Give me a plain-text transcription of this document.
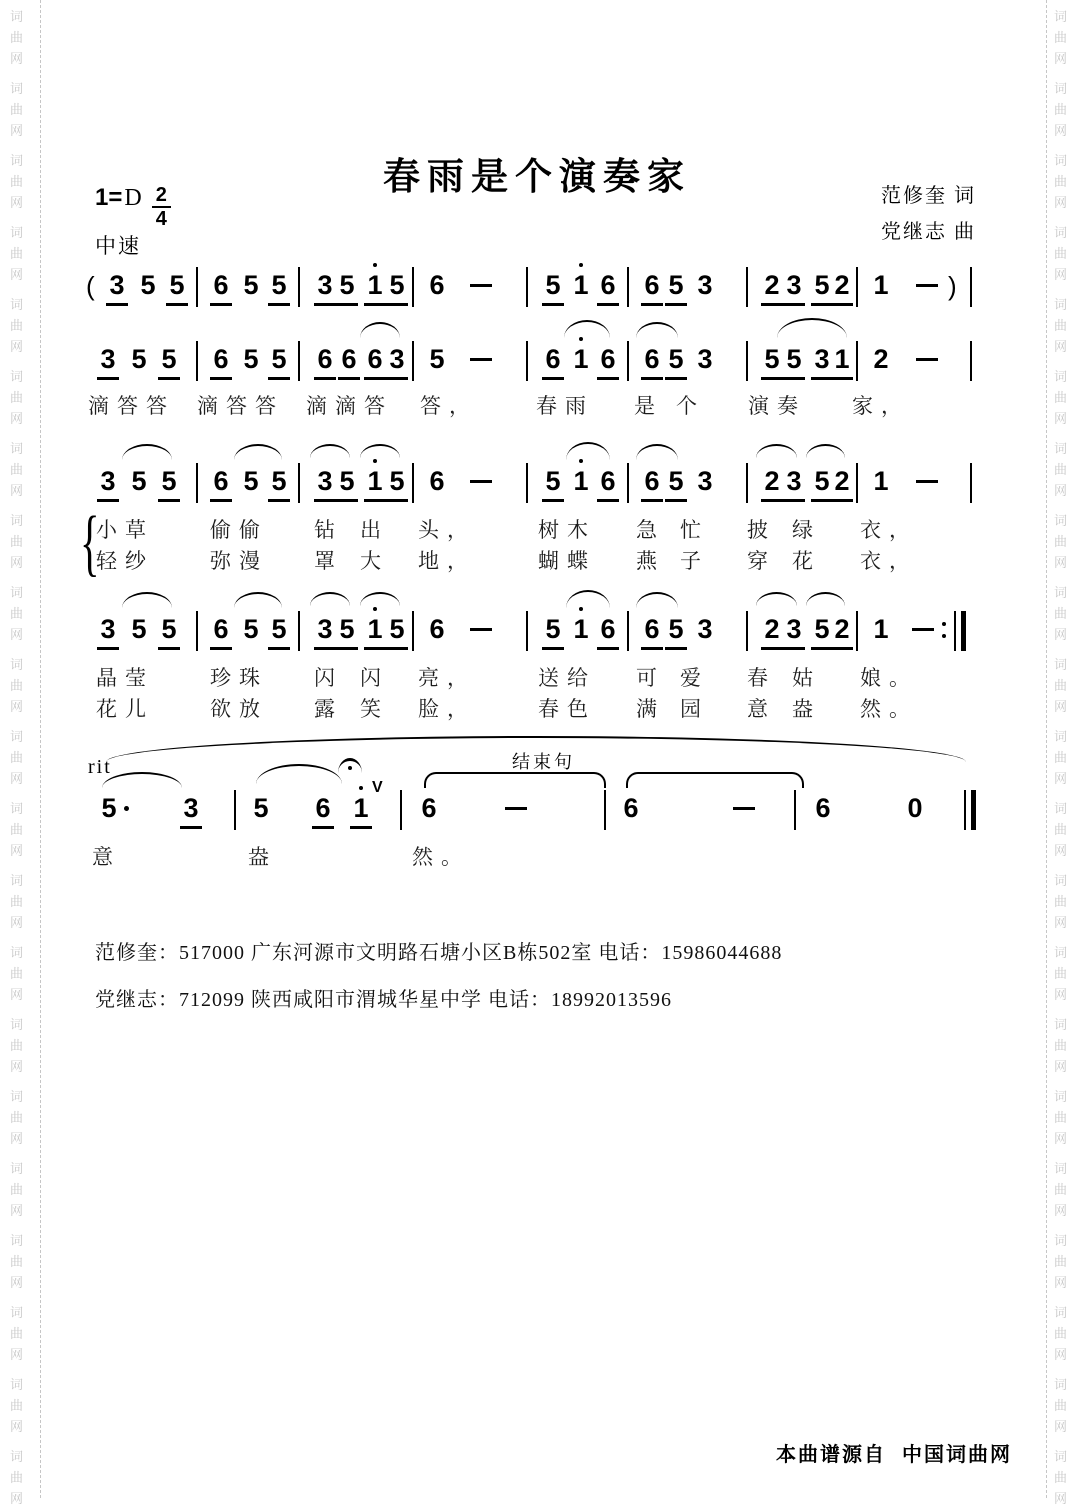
词
曲
网
词
曲
网
词
曲
网
词
曲
网
词
曲
网
词
曲
网
词
曲
网
词
曲
网
词
曲
网
词
曲
网
词
曲
网
词
曲
网
词
曲
网
词
曲
网
词
曲
网
词
曲
网
词
曲
网
词
曲
网
词
曲
网
词
曲
网
词
曲
网
词
曲
网
词
曲
网
词
曲
网
词
曲
网
词
曲
网
词
曲
网
词
曲
网
词
曲
网
词
曲
网
词
曲
网
词
曲
网
词
曲
网
词
曲
网
词
曲
网
词
曲
网
词
曲
网
词
曲
网
词
曲
网
词
曲
网
词
曲
网
词
曲
网
春雨是个演奏家
$1=D \frac{2}{4}$
中速
范修奎 词
党继志 曲
( 3 5 5 6 5 5 3 5 1 5 6	5 1 6 6 5 3 2 3 5 2 1 )
3 5 5 6 5 5 6 6 6 3 5	6 1 6 6 5 3 5 5 3 1 2
滴答答 滴答答 滴滴答 答，	春雨 是 个 演奏 家，
3 5 5 6 5 5 3 5 1 5 6	5 1 6 6 5 3 2 3 5 2 1
{
小草	偷偷 钻 出 头，	树木 急 忙 披 绿 衣，
轻纱	弥漫 罩 大 地，	蝴蝶 燕 子 穿 花 衣，
3 5 5 6 5 5 3 5 1 5 6	5 1 6 6 5 3 2 3 5 2 1
晶莹	珍珠 闪 闪 亮，	送给 可 爱 春 姑 娘。
花儿	欲放 露 笑 脸，	春色 满 园 意 盎 然。
5 3 5 6 1
V
6	6	6	0
rit	结束句
意	盎	然。
范修奎：517000 广东河源市文明路石塘小区B栋502室 电话：15986044688
党继志：712099 陕西咸阳市渭城华星中学 电话：18992013596
本曲谱源自 中国词曲网
